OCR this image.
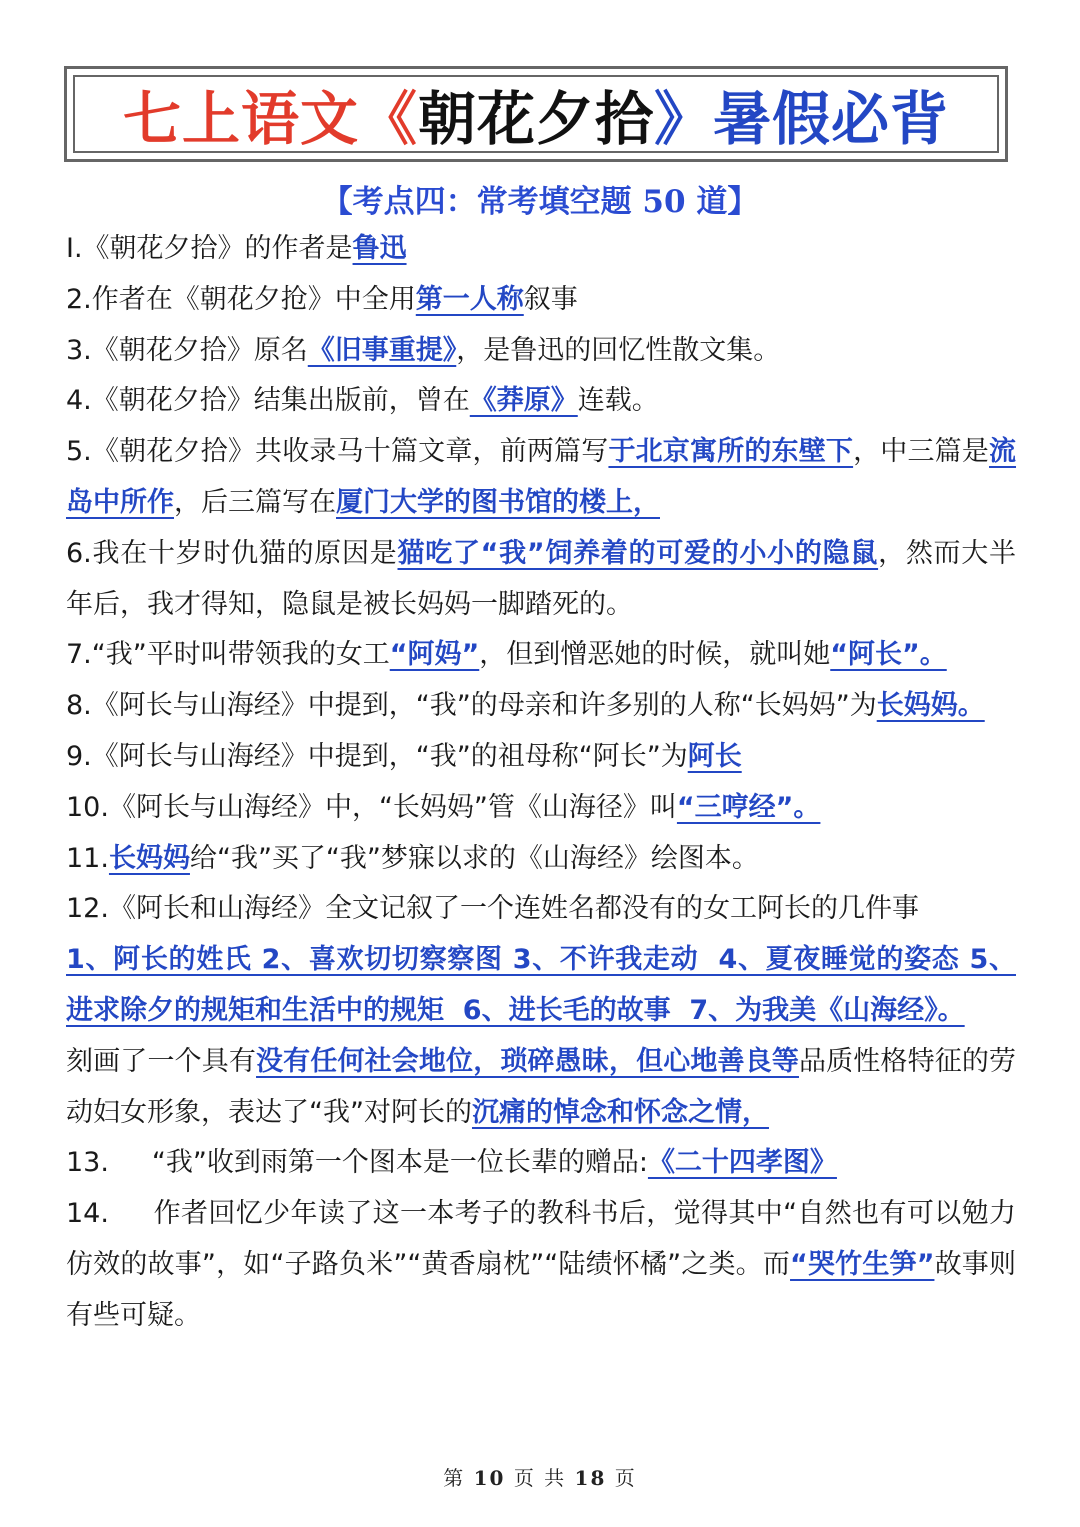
七上语文《 朝花夕拾 》暑假必背
【考点四：常考填空题 50 道】

I.《朝花夕拾》的作者是鲁迅

2.作者在《朝花夕抢》中全用第一人称叙事

3.《朝花夕拾》原名《旧事重提》，是鲁迅的回忆性散文集。

4.《朝花夕拾》结集出版前，曾在《莽原》连载。

5.《朝花夕拾》共收录马十篇文章，前两篇写于北京寓所的东壁下，中三篇是流岛中所作，后三篇写在厦门大学的图书馆的楼上，

6.我在十岁时仇猫的原因是猫吃了“我”饲养着的可爱的小小的隐鼠，然而大半年后，我才得知，隐鼠是被长妈妈一脚踏死的。

7.“我”平时叫带领我的女工“阿妈”，但到憎恶她的时候，就叫她“阿长”。

8.《阿长与山海经》中提到，“我”的母亲和许多别的人称“长妈妈”为长妈妈。

9.《阿长与山海经》中提到，“我”的祖母称“阿长”为阿长

10.《阿长与山海经》中，“长妈妈”管《山海径》叫“三哼经”。

11.长妈妈给“我”买了“我”梦寐以求的《山海经》绘图本。

12.《阿长和山海经》全文记叙了一个连姓名都没有的女工阿长的几件事
1、阿长的姓氏 2、喜欢切切察察图 3、不许我走动  4、夏夜睡觉的姿态 5、进求除夕的规矩和生活中的规矩  6、进长毛的故事  7、为我美《山海经》。
刻画了一个具有没有任何社会地位，琐碎愚昧，但心地善良等品质性格特征的劳动妇女形象，表达了“我”对阿长的沉痛的悼念和怀念之情，

13.     “我”收到雨第一个图本是一位长辈的赠品:《二十四孝图》

14.     作者回忆少年读了这一本考子的教科书后，觉得其中“自然也有可以勉力仿效的故事”，如“子路负米”“黄香扇枕”“陆绩怀橘”之类。而“哭竹生笋”故事则有些可疑。

第 10 页 共 18 页
